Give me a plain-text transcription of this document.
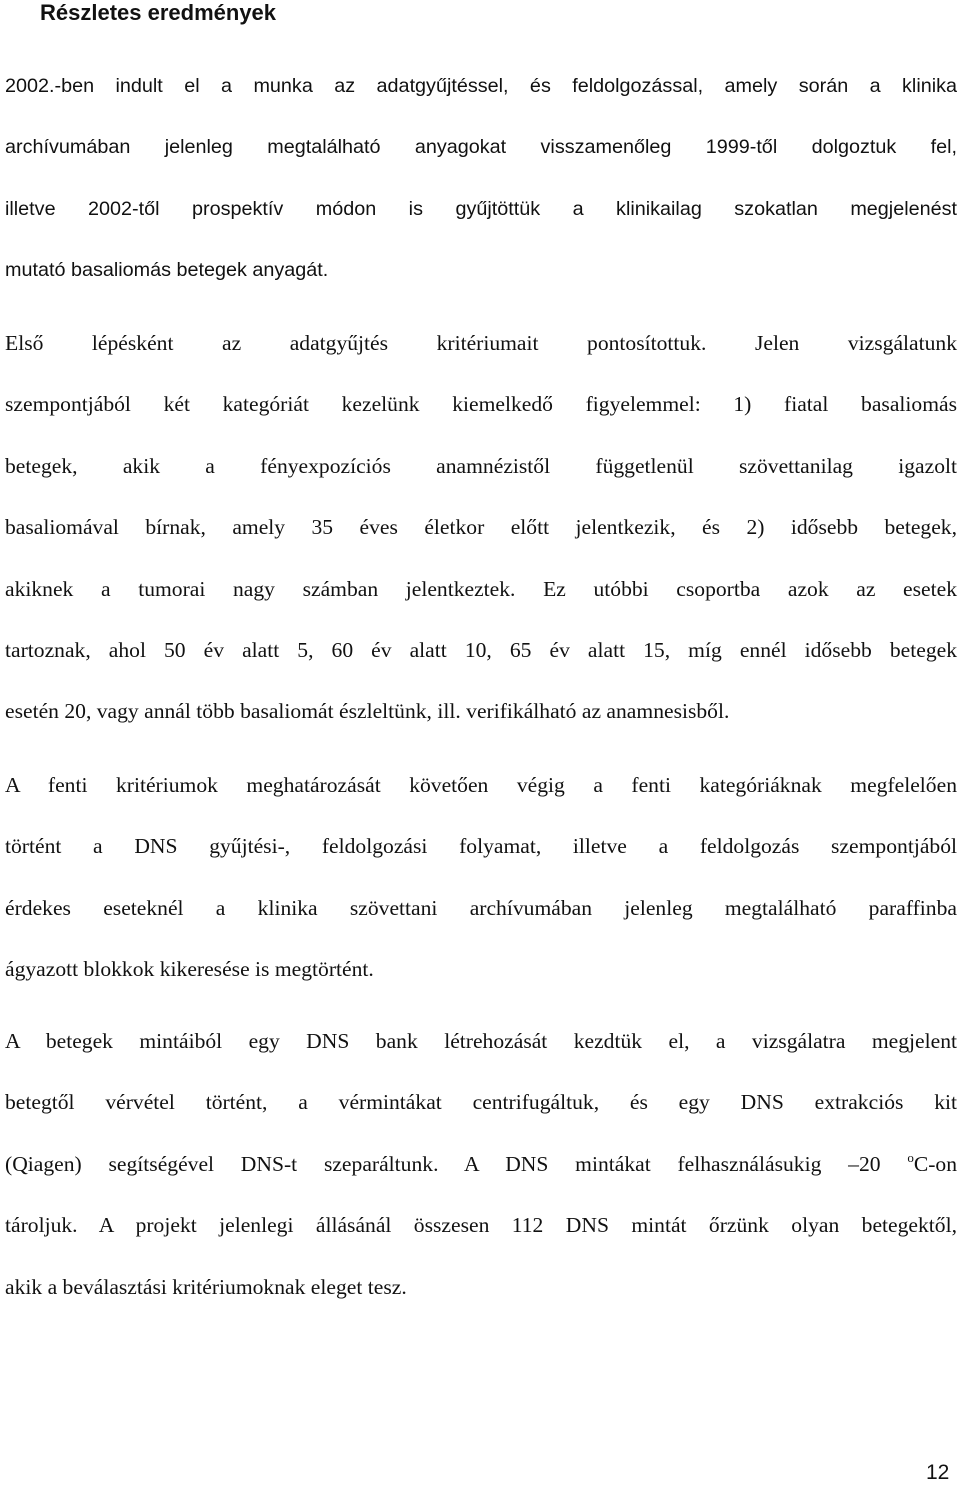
Részletes eredmények

2002.-ben indult el a munka az adatgyűjtéssel, és feldolgozással, amely során a klinika
archívumában jelenleg megtalálható anyagokat visszamenőleg 1999-től dolgoztuk fel,
illetve 2002-től prospektív módon is gyűjtöttük a klinikailag szokatlan megjelenést
mutató basaliomás betegek anyagát.

Első lépésként az adatgyűjtés kritériumait pontosítottuk. Jelen vizsgálatunk
szempontjából két kategóriát kezelünk kiemelkedő figyelemmel: 1) fiatal basaliomás
betegek, akik a fényexpozíciós anamnézistől függetlenül szövettanilag igazolt
basaliomával bírnak, amely 35 éves életkor előtt jelentkezik, és 2) idősebb betegek,
akiknek a tumorai nagy számban jelentkeztek. Ez utóbbi csoportba azok az esetek
tartoznak, ahol 50 év alatt 5, 60 év alatt 10, 65 év alatt 15, míg ennél idősebb betegek
esetén 20, vagy annál több basaliomát észleltünk, ill. verifikálható az anamnesisből.

A fenti kritériumok meghatározását követően végig a fenti kategóriáknak megfelelően
történt a DNS gyűjtési-, feldolgozási folyamat, illetve a feldolgozás szempontjából
érdekes eseteknél a klinika szövettani archívumában jelenleg megtalálható paraffinba
ágyazott blokkok kikeresése is megtörtént.

A betegek mintáiból egy DNS bank létrehozását kezdtük el, a vizsgálatra megjelent
betegtől vérvétel történt, a vérmintákat centrifugáltuk, és egy DNS extrakciós kit
(Qiagen) segítségével DNS-t szeparáltunk. A DNS mintákat felhasználásukig –20 $^o$C-on
tároljuk. A projekt jelenlegi állásánál összesen 112 DNS mintát őrzünk olyan betegektől,
akik a beválasztási kritériumoknak eleget tesz.

12
